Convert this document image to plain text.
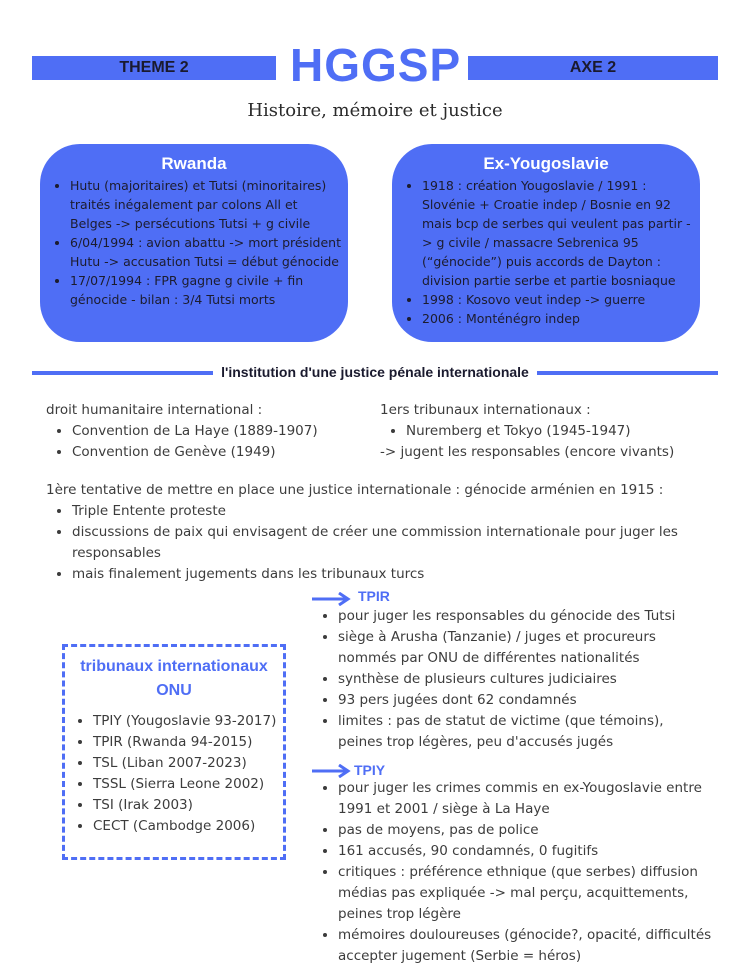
THEME 2	HGGSP	AXE 2
Histoire, mémoire et justice
Rwanda
• Hutu (majoritaires) et Tutsi (minoritaires) traités inégalement par colons All et Belges -> persécutions Tutsi + g civile
• 6/04/1994 : avion abattu -> mort président Hutu -> accusation Tutsi = début génocide
• 17/07/1994 : FPR gagne g civile + fin génocide - bilan : 3/4 Tutsi morts
Ex-Yougoslavie
• 1918 : création Yougoslavie / 1991 : Slovénie + Croatie indep / Bosnie en 92 mais bcp de serbes qui veulent pas partir -> g civile / massacre Sebrenica 95 (“génocide”) puis accords de Dayton : division partie serbe et partie bosniaque
• 1998 : Kosovo veut indep -> guerre
• 2006 : Monténégro indep
l'institution d'une justice pénale internationale
droit humanitaire international :
• Convention de La Haye (1889-1907)
• Convention de Genève (1949)
1ers tribunaux internationaux :
• Nuremberg et Tokyo (1945-1947)
-> jugent les responsables (encore vivants)
1ère tentative de mettre en place une justice internationale : génocide arménien en 1915 :
• Triple Entente proteste
• discussions de paix qui envisagent de créer une commission internationale pour juger les responsables
• mais finalement jugements dans les tribunaux turcs
TPIR
• pour juger les responsables du génocide des Tutsi
• siège à Arusha (Tanzanie) / juges et procureurs nommés par ONU de différentes nationalités
• synthèse de plusieurs cultures judiciaires
• 93 pers jugées dont 62 condamnés
• limites : pas de statut de victime (que témoins), peines trop légères, peu d'accusés jugés
TPIY
• pour juger les crimes commis en ex-Yougoslavie entre 1991 et 2001 / siège à La Haye
• pas de moyens, pas de police
• 161 accusés, 90 condamnés, 0 fugitifs
• critiques : préférence ethnique (que serbes) diffusion médias pas expliquée -> mal perçu, acquittements, peines trop légère
• mémoires douloureuses (génocide?, opacité, difficultés accepter jugement (Serbie = héros)
tribunaux internationaux ONU
• TPIY (Yougoslavie 93-2017)
• TPIR (Rwanda 94-2015)
• TSL (Liban 2007-2023)
• TSSL (Sierra Leone 2002)
• TSI (Irak 2003)
• CECT (Cambodge 2006)
